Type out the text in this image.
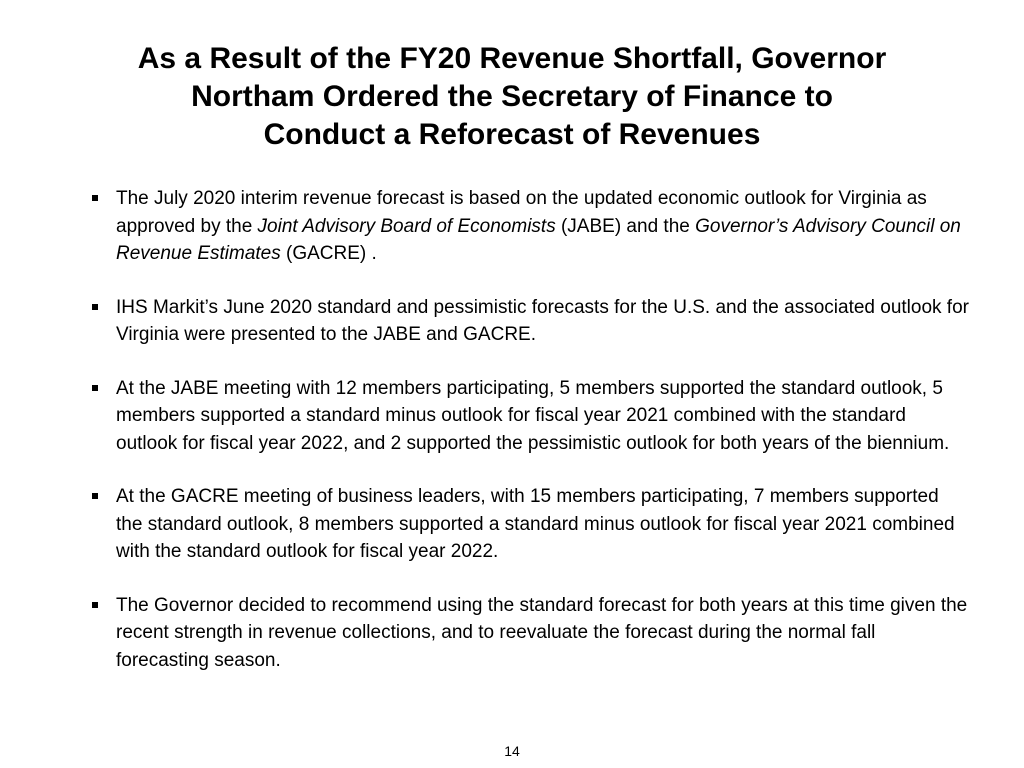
As a Result of the FY20 Revenue Shortfall, Governor
Northam Ordered the Secretary of Finance to
Conduct a Reforecast of Revenues
The July 2020 interim revenue forecast is based on the updated economic outlook for Virginia as approved by the Joint Advisory Board of Economists (JABE) and the Governor’s Advisory Council on Revenue Estimates (GACRE) .
IHS Markit’s June 2020 standard and pessimistic forecasts for the U.S. and the associated outlook for Virginia were presented to the JABE and GACRE.
At the JABE meeting with 12 members participating, 5 members supported the standard outlook, 5 members supported a standard minus outlook for fiscal year 2021 combined with the standard outlook for fiscal year 2022, and 2 supported the pessimistic outlook for both years of the biennium.
At the GACRE meeting of business leaders, with 15 members participating, 7 members supported the standard outlook, 8 members supported a standard minus outlook for fiscal year 2021 combined with the standard outlook for fiscal year 2022.
The Governor decided to recommend using the standard forecast for both years at this time given the recent strength in revenue collections, and to reevaluate the forecast during the normal fall forecasting season.
14
